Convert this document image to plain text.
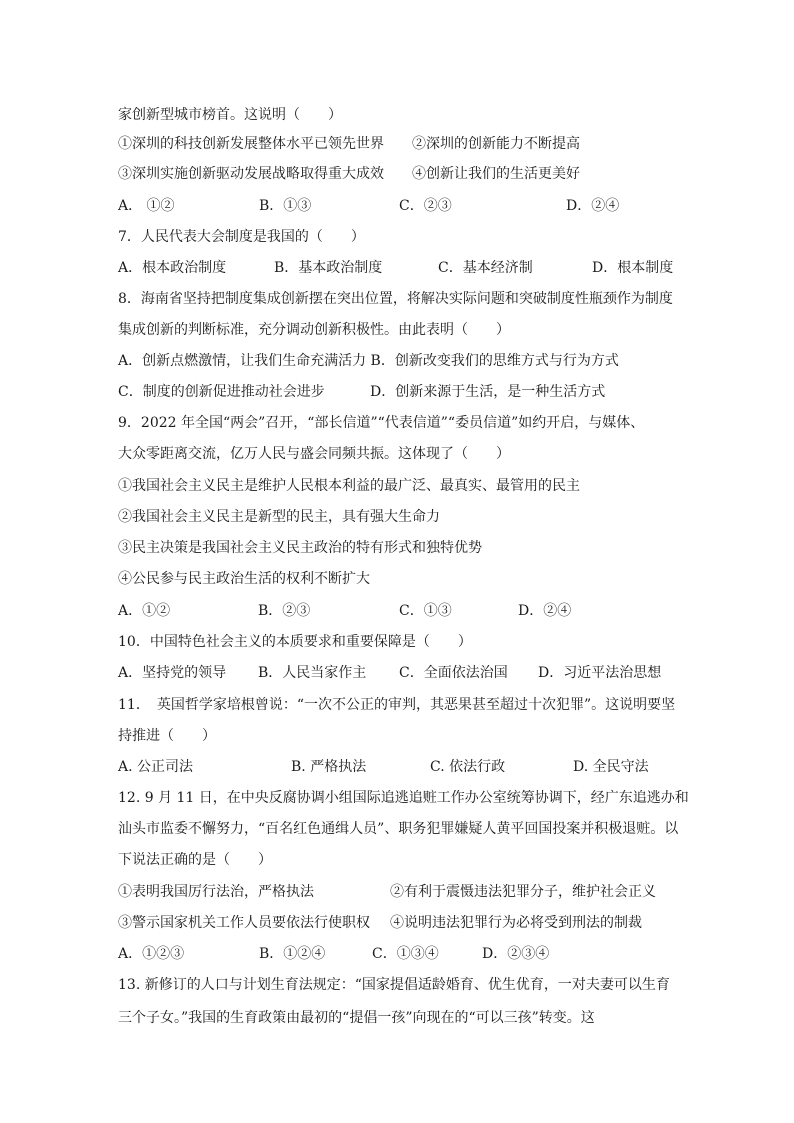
家创新型城市榜首。这说明（　　）
①深圳的科技创新发展整体水平已领先世界 ②深圳的创新能力不断提高
③深圳实施创新驱动发展战略取得重大成效 ④创新让我们的生活更美好
A． ①②	B．①③	C．②③	D．②④
7．人民代表大会制度是我国的（　　）
A．根本政治制度	B．基本政治制度	C．基本经济制	D．根本制度
8．海南省坚持把制度集成创新摆在突出位置，将解决实际问题和突破制度性瓶颈作为制度
集成创新的判断标准，充分调动创新积极性。由此表明（　　）
A．创新点燃激情，让我们生命充满活力 B．创新改变我们的思维方式与行为方式
C．制度的创新促进推动社会进步	D．创新来源于生活，是一种生活方式
9．2022 年全国“两会”召开，“部长信道”“代表信道”“委员信道”如约开启，与媒体、
大众零距离交流，亿万人民与盛会同频共振。这体现了（　　）
①我国社会主义民主是维护人民根本利益的最广泛、最真实、最管用的民主
②我国社会主义民主是新型的民主，具有强大生命力
③民主决策是我国社会主义民主政治的特有形式和独特优势
④公民参与民主政治生活的权利不断扩大
A．①②	B．②③	C．①③	D．②④
10．中国特色社会主义的本质要求和重要保障是（　　）
A．坚持党的领导 B．人民当家作主 C．全面依法治国 D．习近平法治思想
11．　英国哲学家培根曾说：“一次不公正的审判，其恶果甚至超过十次犯罪”。这说明要坚
持推进（　　）
A. 公正司法	B. 严格执法	C. 依法行政	D. 全民守法
12. 9 月 11 日，在中央反腐协调小组国际追逃追赃工作办公室统筹协调下，经广东追逃办和
汕头市监委不懈努力，“百名红色通缉人员”、职务犯罪嫌疑人黄平回国投案并积极退赃。以
下说法正确的是（　　）
①表明我国厉行法治，严格执法	②有利于震慑违法犯罪分子，维护社会正义
③警示国家机关工作人员要依法行使职权 ④说明违法犯罪行为必将受到刑法的制裁
A．①②③	B．①②④	C．①③④	D．②③④
13. 新修订的人口与计划生育法规定：“国家提倡适龄婚育、优生优育，一对夫妻可以生育
三个子女。”我国的生育政策由最初的“提倡一孩”向现在的“可以三孩”转变。这
